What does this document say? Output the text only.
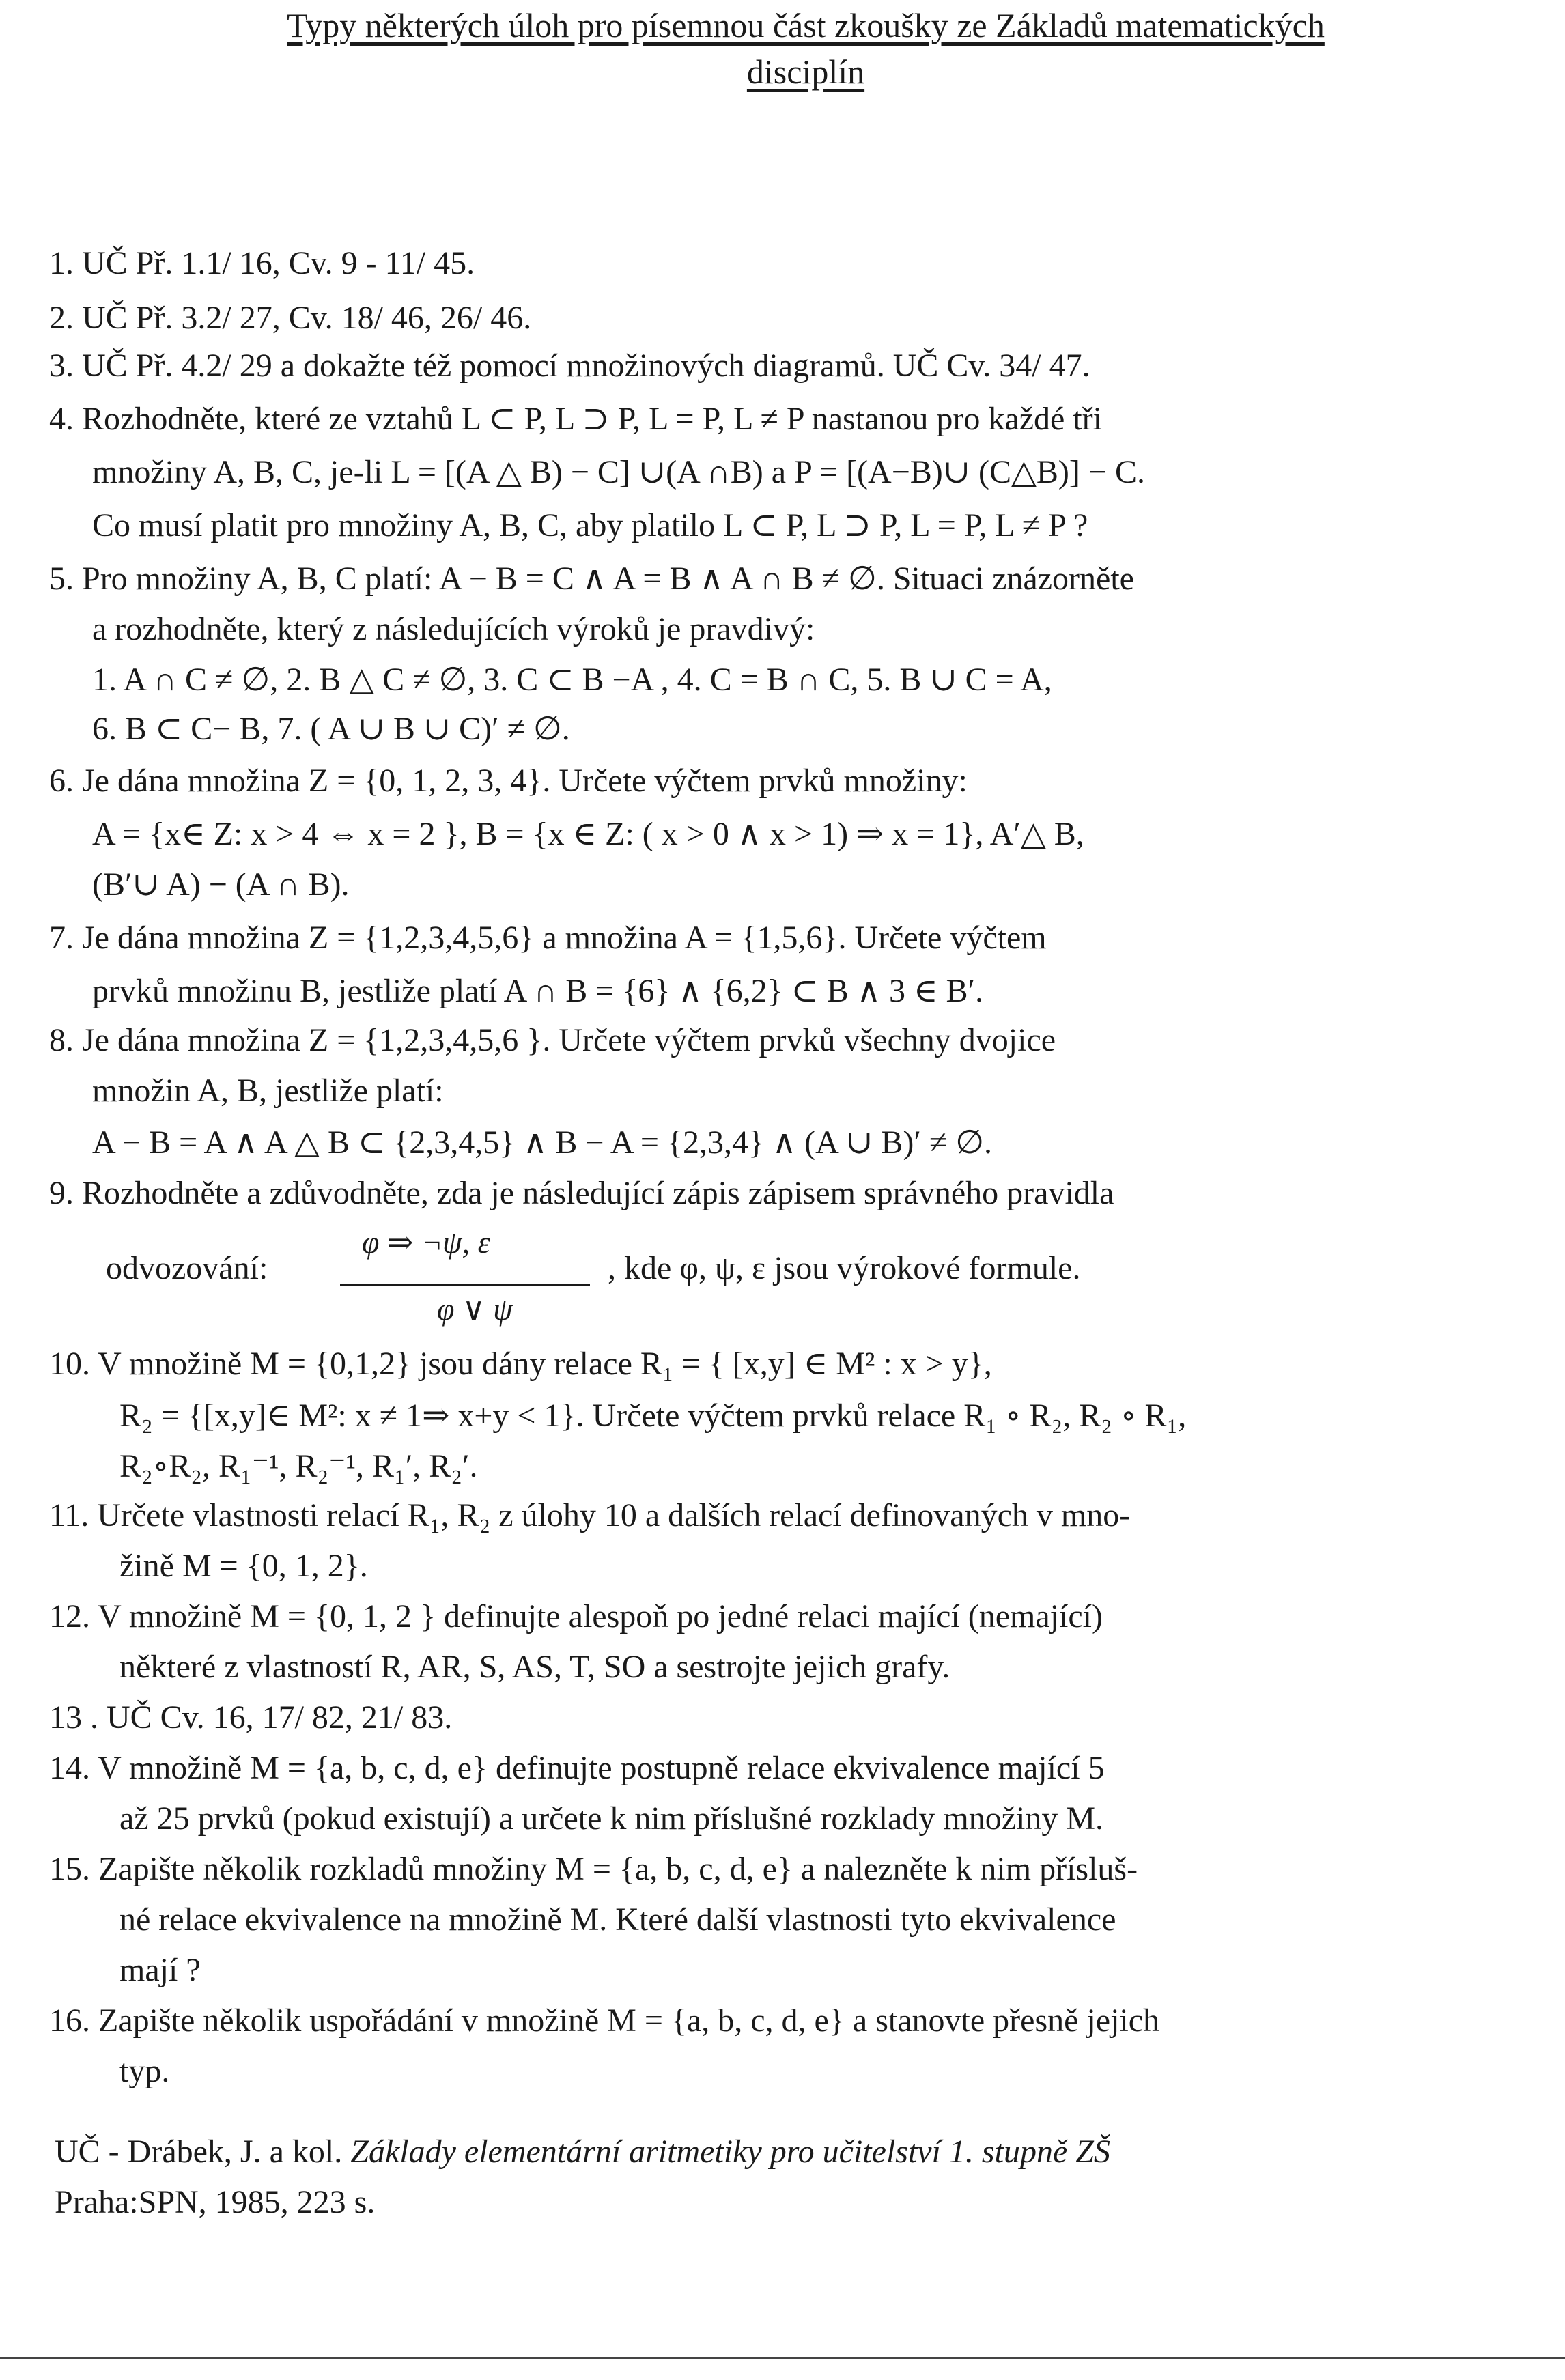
Typy některých úloh pro písemnou část zkoušky ze Základů matematických
disciplín
1. UČ Př. 1.1/ 16, Cv. 9 - 11/ 45.
2. UČ Př. 3.2/ 27, Cv. 18/ 46, 26/ 46.
3. UČ Př. 4.2/ 29 a dokažte též pomocí množinových diagramů. UČ Cv. 34/ 47.
4. Rozhodněte, které ze vztahů L ⊂ P, L ⊃ P, L = P, L ≠ P nastanou pro každé tři
množiny A, B, C, je-li L = [(A △ B) − C] ∪(A ∩B) a P = [(A−B)∪ (C△B)] − C.
Co musí platit pro množiny A, B, C, aby platilo L ⊂ P, L ⊃ P, L = P, L ≠ P ?
5. Pro množiny A, B, C platí: A − B = C ∧ A = B ∧ A ∩ B ≠ ∅. Situaci znázorněte
a rozhodněte, který z následujících výroků je pravdivý:
1. A ∩ C ≠ ∅, 2. B △ C ≠ ∅, 3. C ⊂ B −A , 4. C = B ∩ C, 5. B ∪ C = A,
6. B ⊂ C− B, 7. ( A ∪ B ∪ C)′ ≠ ∅.
6. Je dána množina Z = {0, 1, 2, 3, 4}. Určete výčtem prvků množiny:
A = {x∈ Z: x > 4 ⇔ x = 2 }, B = {x ∈ Z: ( x > 0 ∧ x > 1) ⇒ x = 1}, A′△ B,
(B′∪ A) − (A ∩ B).
7. Je dána množina Z = {1,2,3,4,5,6} a množina A = {1,5,6}. Určete výčtem
prvků množinu B, jestliže platí A ∩ B = {6} ∧ {6,2} ⊂ B ∧ 3 ∈ B′.
8. Je dána množina Z = {1,2,3,4,5,6 }. Určete výčtem prvků všechny dvojice
množin A, B, jestliže platí:
A − B = A ∧ A △ B ⊂ {2,3,4,5} ∧ B − A = {2,3,4} ∧ (A ∪ B)′ ≠ ∅.
9. Rozhodněte a zdůvodněte, zda je následující zápis zápisem správného pravidla
odvozování:	, kde φ, ψ, ε jsou výrokové formule.
10. V množině M = {0,1,2} jsou dány relace R₁ = { [x,y] ∈ M² : x > y},
R₂ = {[x,y]∈ M²: x ≠ 1⇒ x+y < 1}. Určete výčtem prvků relace R₁ ∘ R₂, R₂ ∘ R₁,
R₂∘R₂, R₁⁻¹, R₂⁻¹, R₁′, R₂′.
11. Určete vlastnosti relací R₁, R₂ z úlohy 10 a dalších relací definovaných v mno-
žině M = {0, 1, 2}.
12. V množině M = {0, 1, 2 } definujte alespoň po jedné relaci mající (nemající)
některé z vlastností R, AR, S, AS, T, SO a sestrojte jejich grafy.
13 . UČ Cv. 16, 17/ 82, 21/ 83.
14. V množině M = {a, b, c, d, e} definujte postupně relace ekvivalence mající 5
až 25 prvků (pokud existují) a určete k nim příslušné rozklady množiny M.
15. Zapište několik rozkladů množiny M = {a, b, c, d, e} a nalezněte k nim přísluš-
né relace ekvivalence na množině M. Které další vlastnosti tyto ekvivalence
mají ?
16. Zapište několik uspořádání v množině M = {a, b, c, d, e} a stanovte přesně jejich
typ.
φ ⇒ ¬ψ, ε
φ ∨ ψ
UČ - Drábek, J. a kol. Základy elementární aritmetiky pro učitelství 1. stupně ZŠ
Praha:SPN, 1985, 223 s.
